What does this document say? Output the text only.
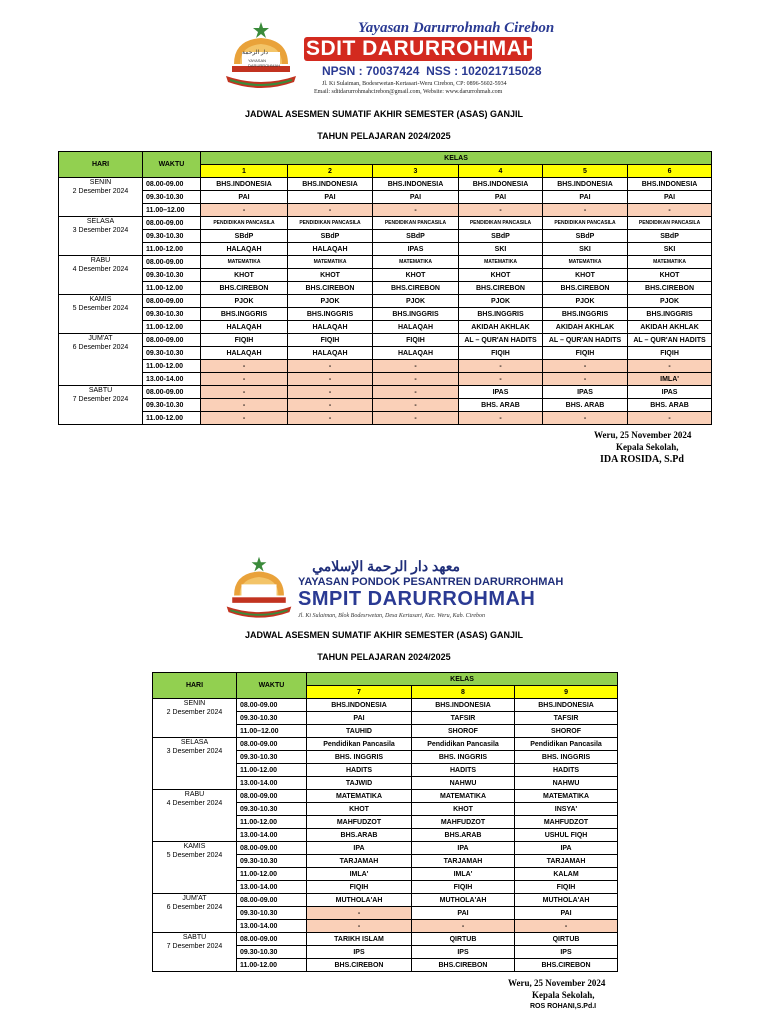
دار الرحمة
YAYASAN
DARURROHMAH
Yayasan Darurrohmah Cirebon
SDIT DARURROHMAH
NPSN : 70037424  NSS : 102021715028
Jl. Ki Sulaiman, Bodesrwetan-Kertasari-Weru Cirebon, CP: 0896-5602-5934
Email: sditdarurrohmahcirebon@gmail.com, Website: www.darurrohmah.com
JADWAL ASESMEN SUMATIF AKHIR SEMESTER (ASAS) GANJIL
TAHUN PELAJARAN 2024/2025
HARI	WAKTU	KELAS					
		1	2	3	4	5	6

SENIN
2 Desember 2024	08.00-09.00	BHS.INDONESIA	BHS.INDONESIA	BHS.INDONESIA	BHS.INDONESIA	BHS.INDONESIA	BHS.INDONESIA
	09.30-10.30	PAI	PAI	PAI	PAI	PAI	PAI
	11.00–12.00	-	-	-	-	-	-

SELASA
3 Desember 2024	08.00-09.00	PENDIDIKAN PANCASILA	PENDIDIKAN PANCASILA	PENDIDIKAN PANCASILA	PENDIDIKAN PANCASILA	PENDIDIKAN PANCASILA	PENDIDIKAN PANCASILA
	09.30-10.30	SBdP	SBdP	SBdP	SBdP	SBdP	SBdP
	11.00-12.00	HALAQAH	HALAQAH	IPAS	SKI	SKI	SKI

RABU
4 Desember 2024	08.00-09.00	MATEMATIKA	MATEMATIKA	MATEMATIKA	MATEMATIKA	MATEMATIKA	MATEMATIKA
	09.30-10.30	KHOT	KHOT	KHOT	KHOT	KHOT	KHOT
	11.00-12.00	BHS.CIREBON	BHS.CIREBON	BHS.CIREBON	BHS.CIREBON	BHS.CIREBON	BHS.CIREBON

KAMIS
5 Desember 2024	08.00-09.00	PJOK	PJOK	PJOK	PJOK	PJOK	PJOK
	09.30-10.30	BHS.INGGRIS	BHS.INGGRIS	BHS.INGGRIS	BHS.INGGRIS	BHS.INGGRIS	BHS.INGGRIS
	11.00-12.00	HALAQAH	HALAQAH	HALAQAH	AKIDAH AKHLAK	AKIDAH AKHLAK	AKIDAH AKHLAK

JUM'AT
6 Desember 2024	08.00-09.00	FIQIH	FIQIH	FIQIH	AL – QUR'AN HADITS	AL – QUR'AN HADITS	AL – QUR'AN HADITS
	09.30-10.30	HALAQAH	HALAQAH	HALAQAH	FIQIH	FIQIH	FIQIH
	11.00-12.00	-	-	-	-	-	-
	13.00-14.00	-	-	-	-	-	IMLA'

SABTU
7 Desember 2024	08.00-09.00	-	-	-	IPAS	IPAS	IPAS
	09.30-10.30	-	-	-	BHS. ARAB	BHS. ARAB	BHS. ARAB
	11.00-12.00	-	-	-	-	-	-
Weru, 25 November 2024
Kepala Sekolah,
IDA ROSIDA, S.Pd
معهد دار الرحمة الإسلامي
YAYASAN PONDOK PESANTREN DARURROHMAH
SMPIT DARURROHMAH
Jl. Ki Sulaiman, Blok Bodesrwetan, Desa Kertasari, Kec. Weru, Kab. Cirebon
JADWAL ASESMEN SUMATIF AKHIR SEMESTER (ASAS) GANJIL
TAHUN PELAJARAN 2024/2025
HARI	WAKTU	KELAS		
		7	8	9

SENIN
2 Desember 2024	08.00-09.00	BHS.INDONESIA	BHS.INDONESIA	BHS.INDONESIA
	09.30-10.30	PAI	TAFSIR	TAFSIR
	11.00–12.00	TAUHID	SHOROF	SHOROF

SELASA
3 Desember 2024	08.00-09.00	Pendidikan Pancasila	Pendidikan Pancasila	Pendidikan Pancasila
	09.30-10.30	BHS. INGGRIS	BHS. INGGRIS	BHS. INGGRIS
	11.00-12.00	HADITS	HADITS	HADITS
	13.00-14.00	TAJWID	NAHWU	NAHWU

RABU
4 Desember 2024	08.00-09.00	MATEMATIKA	MATEMATIKA	MATEMATIKA
	09.30-10.30	KHOT	KHOT	INSYA'
	11.00-12.00	MAHFUDZOT	MAHFUDZOT	MAHFUDZOT
	13.00-14.00	BHS.ARAB	BHS.ARAB	USHUL FIQH

KAMIS
5 Desember 2024	08.00-09.00	IPA	IPA	IPA
	09.30-10.30	TARJAMAH	TARJAMAH	TARJAMAH
	11.00-12.00	IMLA'	IMLA'	KALAM
	13.00-14.00	FIQIH	FIQIH	FIQIH

JUM'AT
6 Desember 2024	08.00-09.00	MUTHOLA'AH	MUTHOLA'AH	MUTHOLA'AH
	09.30-10.30	-	PAI	PAI
	13.00-14.00	-	-	-

SABTU
7 Desember 2024	08.00-09.00	TARIKH ISLAM	QIRTUB	QIRTUB
	09.30-10.30	IPS	IPS	IPS
	11.00-12.00	BHS.CIREBON	BHS.CIREBON	BHS.CIREBON
Weru, 25 November 2024
Kepala Sekolah,
ROS ROHANI,S.Pd.I
